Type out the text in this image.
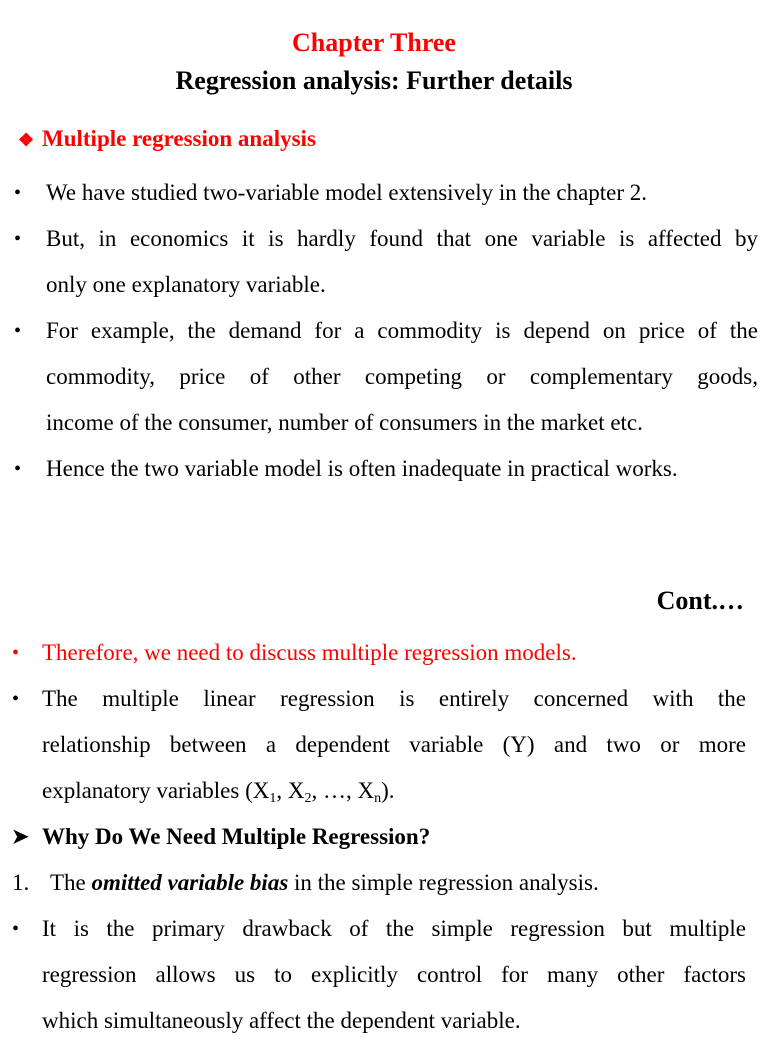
Chapter Three
Regression analysis: Further details
❖ Multiple regression analysis
•	We have studied two-variable model extensively in the chapter 2.
•	But, in economics it is hardly found that one variable is affected by
only one explanatory variable.
•	For example, the demand for a commodity is depend on price of the
commodity, price of other competing or complementary goods,
income of the consumer, number of consumers in the market etc.
•	Hence the two variable model is often inadequate in practical works.
Cont.…
• Therefore, we need to discuss multiple regression models.
• The multiple linear regression is entirely concerned with the
relationship between a dependent variable (Y) and two or more
explanatory variables ($X_1$, $X_2$, …, $X_n$).
➤ Why Do We Need Multiple Regression?
1. The omitted variable bias in the simple regression analysis.
• It is the primary drawback of the simple regression but multiple
regression allows us to explicitly control for many other factors
which simultaneously affect the dependent variable.
